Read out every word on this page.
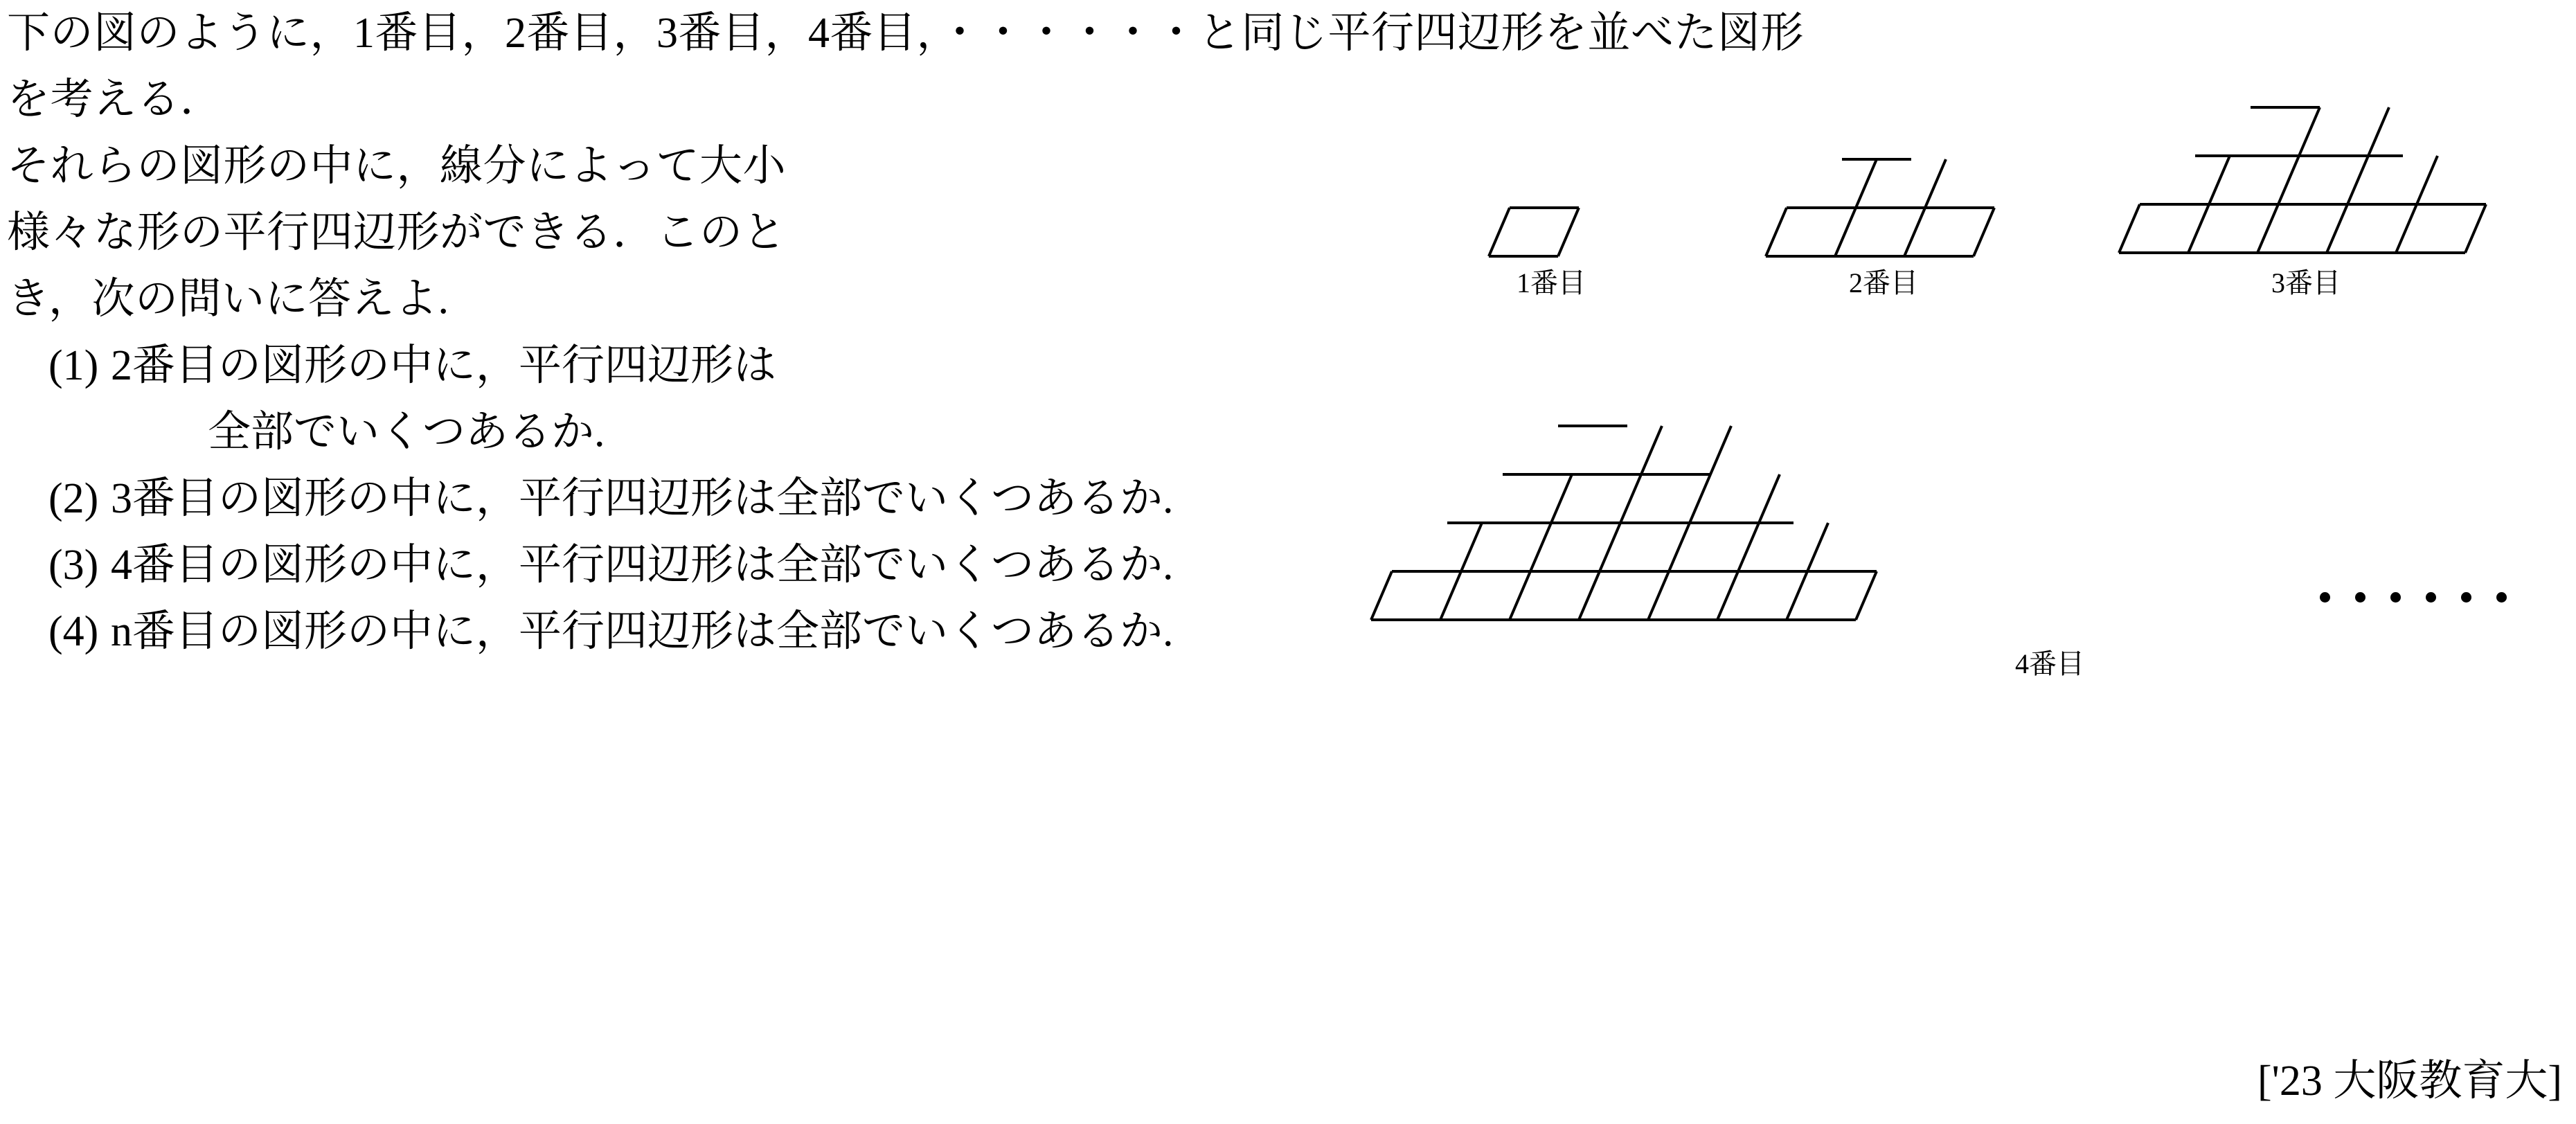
下の図のように，1番目，2番目，3番目，4番目，・・・・・・と同じ平行四辺形を並べた図形
を考える．
それらの図形の中に，線分によって大小
様々な形の平行四辺形ができる．このと
き，次の問いに答えよ.
(1) 2番目の図形の中に，平行四辺形は
全部でいくつあるか.
(2) 3番目の図形の中に，平行四辺形は全部でいくつあるか.
(3) 4番目の図形の中に，平行四辺形は全部でいくつあるか.
(4) n番目の図形の中に，平行四辺形は全部でいくつあるか.
['23 大阪教育大]
1番目	2番目	3番目
4番目
